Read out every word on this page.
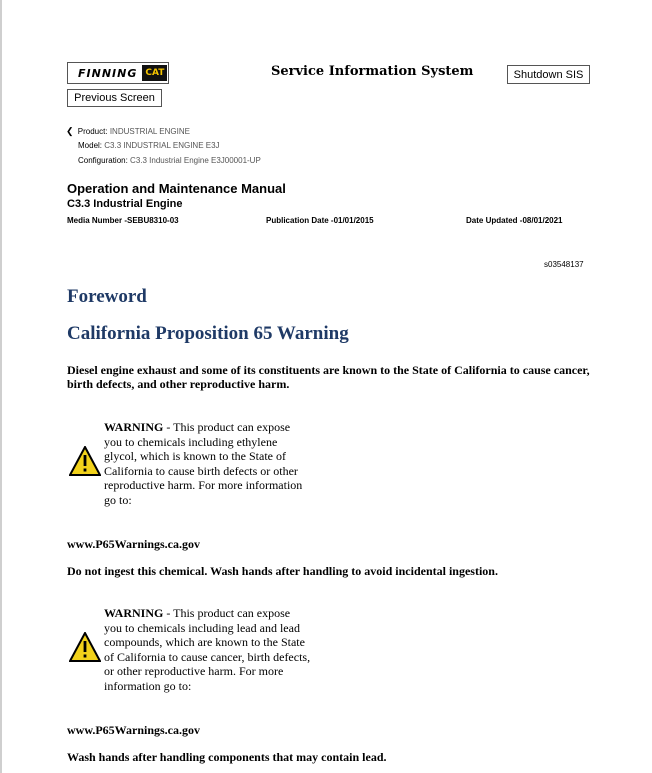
FINNING CAT	Service Information System	Shutdown SIS
Previous Screen
❮ Product: INDUSTRIAL ENGINE
Model: C3.3 INDUSTRIAL ENGINE E3J
Configuration: C3.3 Industrial Engine E3J00001-UP
Operation and Maintenance Manual
C3.3 Industrial Engine
Media Number -SEBU8310-03	Publication Date -01/01/2015	Date Updated -08/01/2021
s03548137
Foreword
California Proposition 65 Warning
Diesel engine exhaust and some of its constituents are known to the State of California to cause cancer, birth defects, and other reproductive harm.
WARNING - This product can expose
you to chemicals including ethylene
glycol, which is known to the State of
California to cause birth defects or other
reproductive harm. For more information
go to:
www.P65Warnings.ca.gov
Do not ingest this chemical. Wash hands after handling to avoid incidental ingestion.
WARNING - This product can expose
you to chemicals including lead and lead
compounds, which are known to the State
of California to cause cancer, birth defects,
or other reproductive harm. For more
information go to:
www.P65Warnings.ca.gov
Wash hands after handling components that may contain lead.
